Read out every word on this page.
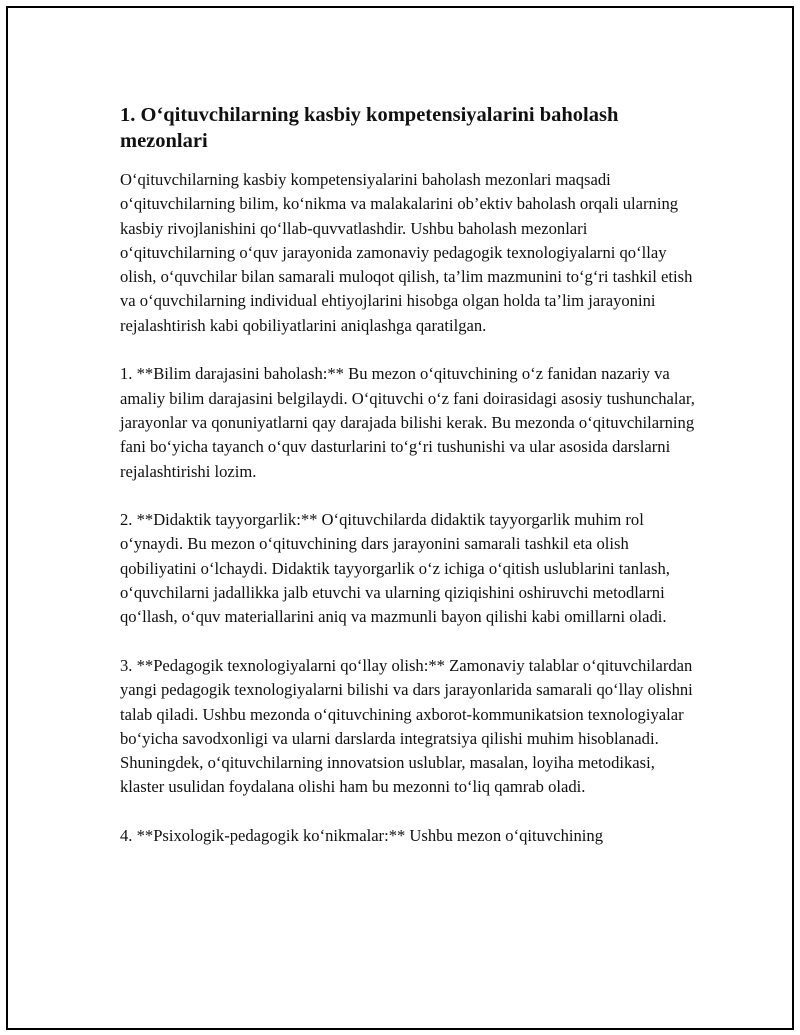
1. O‘qituvchilarning kasbiy kompetensiyalarini baholash mezonlari

O‘qituvchilarning kasbiy kompetensiyalarini baholash mezonlari maqsadi o‘qituvchilarning bilim, ko‘nikma va malakalarini ob’ektiv baholash orqali ularning kasbiy rivojlanishini qo‘llab-quvvatlashdir. Ushbu baholash mezonlari o‘qituvchilarning o‘quv jarayonida zamonaviy pedagogik texnologiyalarni qo‘llay olish, o‘quvchilar bilan samarali muloqot qilish, ta’lim mazmunini to‘g‘ri tashkil etish va o‘quvchilarning individual ehtiyojlarini hisobga olgan holda ta’lim jarayonini rejalashtirish kabi qobiliyatlarini aniqlashga qaratilgan.

1. **Bilim darajasini baholash:** Bu mezon o‘qituvchining o‘z fanidan nazariy va amaliy bilim darajasini belgilaydi. O‘qituvchi o‘z fani doirasidagi asosiy tushunchalar, jarayonlar va qonuniyatlarni qay darajada bilishi kerak. Bu mezonda o‘qituvchilarning fani bo‘yicha tayanch o‘quv dasturlarini to‘g‘ri tushunishi va ular asosida darslarni rejalashtirishi lozim.

2. **Didaktik tayyorgarlik:** O‘qituvchilarda didaktik tayyorgarlik muhim rol o‘ynaydi. Bu mezon o‘qituvchining dars jarayonini samarali tashkil eta olish qobiliyatini o‘lchaydi. Didaktik tayyorgarlik o‘z ichiga o‘qitish uslublarini tanlash, o‘quvchilarni jadallikka jalb etuvchi va ularning qiziqishini oshiruvchi metodlarni qo‘llash, o‘quv materiallarini aniq va mazmunli bayon qilishi kabi omillarni oladi.

3. **Pedagogik texnologiyalarni qo‘llay olish:** Zamonaviy talablar o‘qituvchilardan yangi pedagogik texnologiyalarni bilishi va dars jarayonlarida samarali qo‘llay olishni talab qiladi. Ushbu mezonda o‘qituvchining axborot-kommunikatsion texnologiyalar bo‘yicha savodxonligi va ularni darslarda integratsiya qilishi muhim hisoblanadi. Shuningdek, o‘qituvchilarning innovatsion uslublar, masalan, loyiha metodikasi, klaster usulidan foydalana olishi ham bu mezonni to‘liq qamrab oladi.

4. **Psixologik-pedagogik ko‘nikmalar:** Ushbu mezon o‘qituvchining
